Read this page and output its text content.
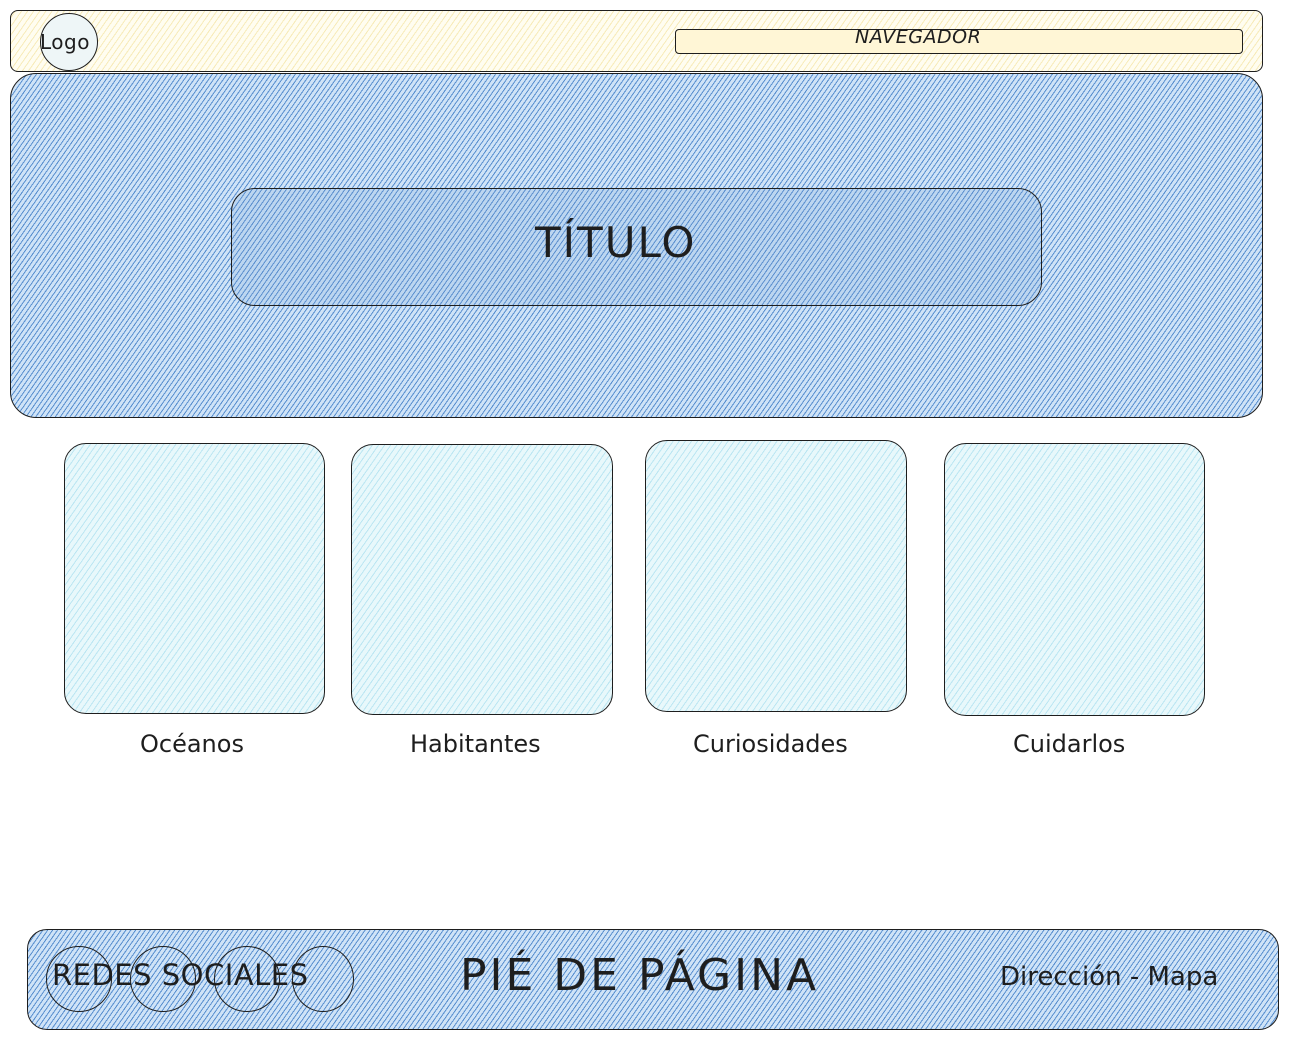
Logo	NAVEGADOR
TÍTULO
Océanos	Habitantes	Curiosidades	Cuidarlos
REDES SOCIALES	PIÉ DE PÁGINA	Dirección - Mapa
